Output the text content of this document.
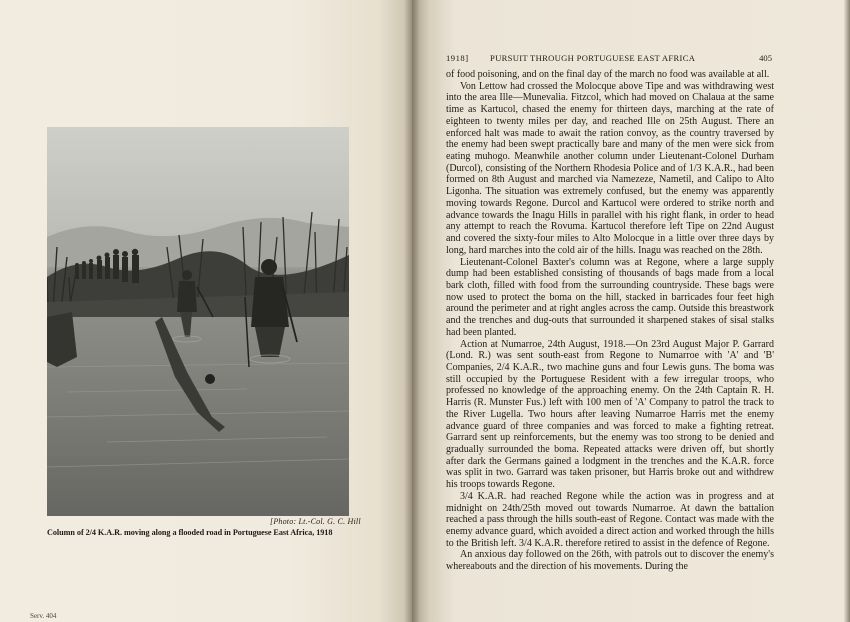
[Photo: Lt.-Col. G. C. Hill
Column of 2/4 K.A.R. moving along a flooded road in Portuguese East Africa, 1918
Serv. 404
1918] PURSUIT THROUGH PORTUGUESE EAST AFRICA	405

of food poisoning, and on the final day of the march no food was available at all.

Von Lettow had crossed the Molocque above Tipe and was withdrawing west into the area Ille—Munevalia. Fitzcol, which had moved on Chalaua at the same time as Kartucol, chased the enemy for thirteen days, marching at the rate of eighteen to twenty miles per day, and reached Ille on 25th August. There an enforced halt was made to await the ration convoy, as the country traversed by the enemy had been swept practically bare and many of the men were sick from eating muhogo. Meanwhile another column under Lieutenant-Colonel Durham (Durcol), consisting of the Northern Rhodesia Police and of 1/3 K.A.R., had been formed on 8th August and marched via Namezeze, Nametil, and Calipo to Alto Ligonha. The situation was extremely confused, but the enemy was apparently moving towards Regone. Durcol and Kartucol were ordered to strike north and advance towards the Inagu Hills in parallel with his right flank, in order to head any attempt to reach the Rovuma. Kartucol therefore left Tipe on 22nd August and covered the sixty-four miles to Alto Molocque in a little over three days by long, hard marches into the cold air of the hills. Inagu was reached on the 28th.

Lieutenant-Colonel Baxter's column was at Regone, where a large supply dump had been established consisting of thousands of bags made from a local bark cloth, filled with food from the surrounding countryside. These bags were now used to protect the boma on the hill, stacked in barricades four feet high around the perimeter and at right angles across the camp. Outside this breastwork and the trenches and dug-outs that surrounded it sharpened stakes of sisal stalks had been planted.

Action at Numarroe, 24th August, 1918.—On 23rd August Major P. Garrard (Lond. R.) was sent south-east from Regone to Numarroe with 'A' and 'B' Companies, 2/4 K.A.R., two machine guns and four Lewis guns. The boma was still occupied by the Portuguese Resident with a few irregular troops, who professed no knowledge of the approaching enemy. On the 24th Captain R. H. Harris (R. Munster Fus.) left with 100 men of 'A' Company to patrol the track to the River Lugella. Two hours after leaving Numarroe Harris met the enemy advance guard of three companies and was forced to make a fighting retreat. Garrard sent up reinforcements, but the enemy was too strong to be denied and gradually surrounded the boma. Repeated attacks were driven off, but shortly after dark the Germans gained a lodgment in the trenches and the K.A.R. force was split in two. Garrard was taken prisoner, but Harris broke out and withdrew his troops towards Regone.

3/4 K.A.R. had reached Regone while the action was in progress and at midnight on 24th/25th moved out towards Numarroe. At dawn the battalion reached a pass through the hills south-east of Regone. Contact was made with the enemy advance guard, which avoided a direct action and worked through the hills to the British left. 3/4 K.A.R. therefore retired to assist in the defence of Regone.

An anxious day followed on the 26th, with patrols out to discover the enemy's whereabouts and the direction of his movements. During the
